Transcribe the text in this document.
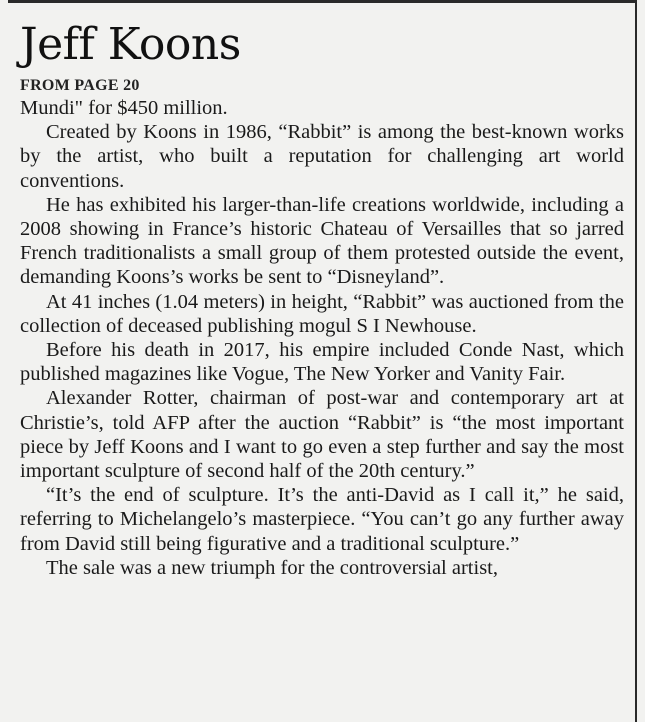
Jeff Koons
FROM PAGE 20

Mundi" for $450 million.

Created by Koons in 1986, “Rabbit” is among the best-known works by the artist, who built a reputation for challenging art world conventions.

He has exhibited his larger-than-life creations worldwide, including a 2008 showing in France’s historic Chateau of Versailles that so jarred French traditionalists a small group of them protested outside the event, demanding Koons’s works be sent to “Disneyland”.

At 41 inches (1.04 meters) in height, “Rabbit” was auctioned from the collection of deceased publishing mogul S I Newhouse.

Before his death in 2017, his empire included Conde Nast, which published magazines like Vogue, The New Yorker and Vanity Fair.

Alexander Rotter, chairman of post-war and contemporary art at Christie’s, told AFP after the auction “Rabbit” is “the most important piece by Jeff Koons and I want to go even a step further and say the most important sculpture of second half of the 20th century.”

“It’s the end of sculpture. It’s the anti-David as I call it,” he said, referring to Michelangelo’s masterpiece. “You can’t go any further away from David still being figurative and a traditional sculpture.”

The sale was a new triumph for the controversial artist,
